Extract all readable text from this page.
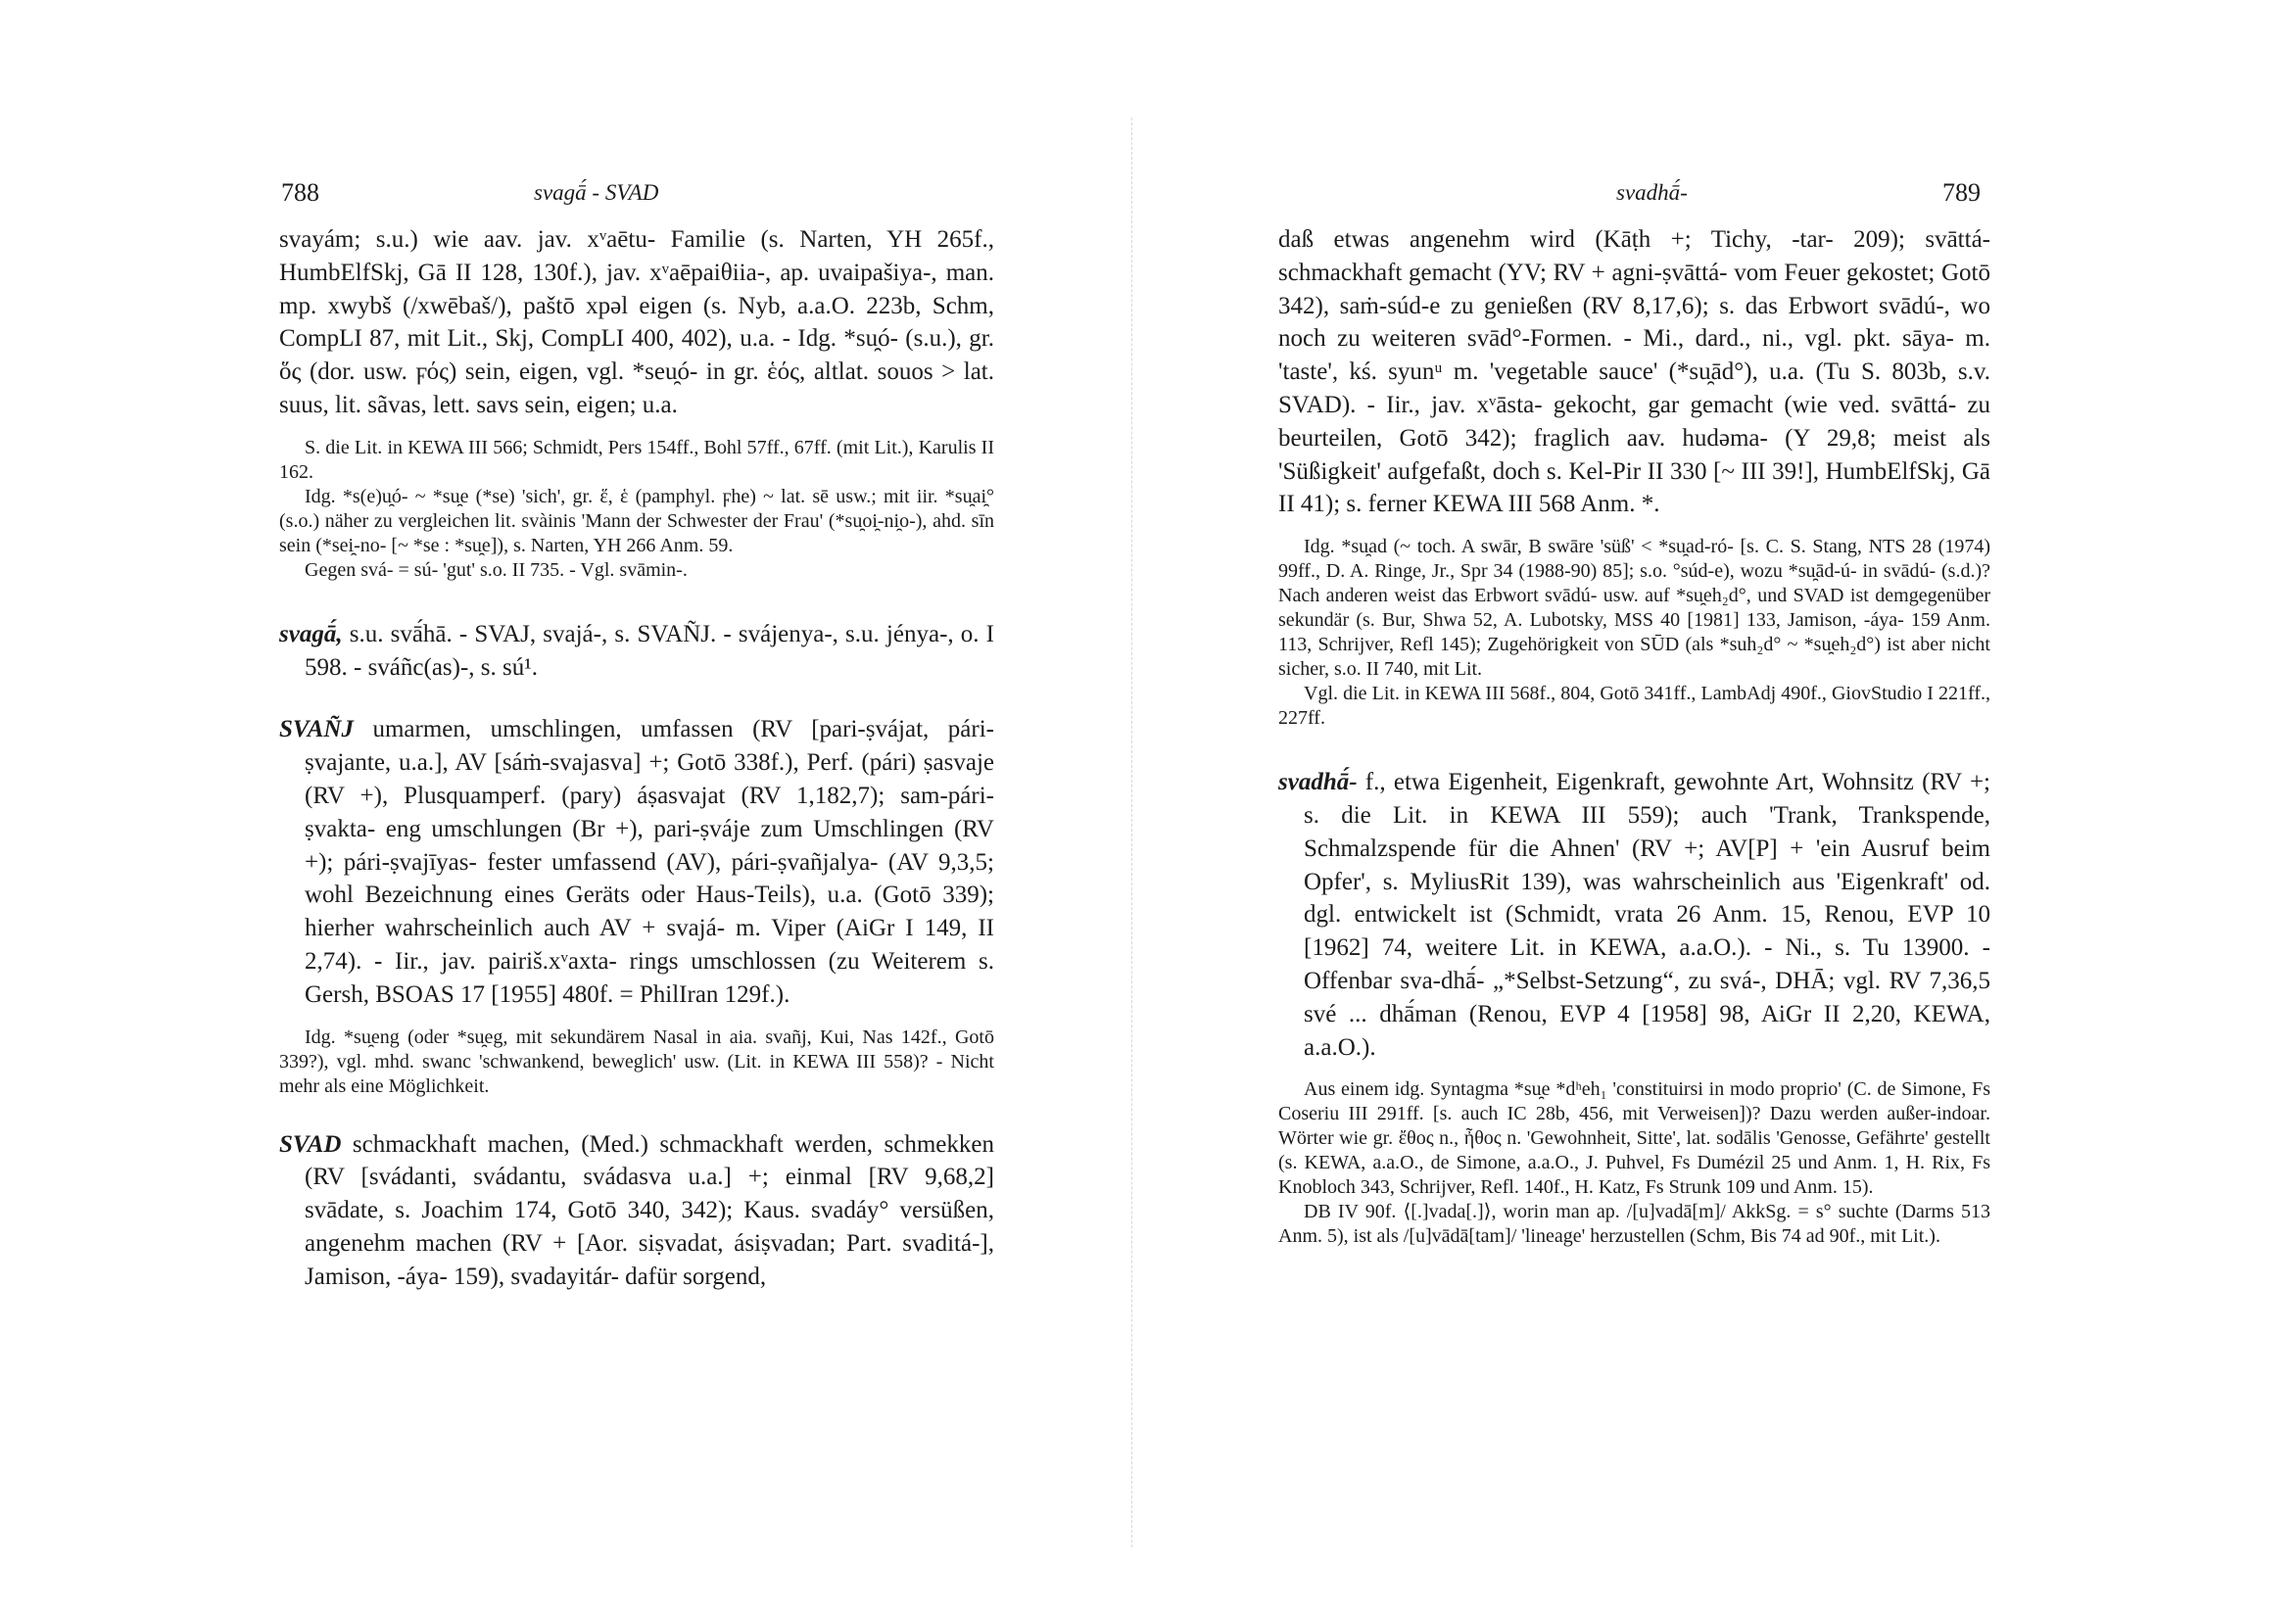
788	svagā́ - SVAD

svayám; s.u.) wie aav. jav. xᵛaētu- Familie (s. Narten, YH 265f., HumbElfSkj, Gā II 128, 130f.), jav. xᵛaēpaiθiia-, ap. uvaipašiya-, man. mp. xwybš (/xwēbaš/), paštō xpəl eigen (s. Nyb, a.a.O. 223b, Schm, CompLI 87, mit Lit., Skj, CompLI 400, 402), u.a. - Idg. *su̯ó- (s.u.), gr. ὅς (dor. usw. ϝός) sein, eigen, vgl. *seu̯ó- in gr. ἑός, altlat. souos > lat. suus, lit. sãvas, lett. savs sein, eigen; u.a.

S. die Lit. in KEWA III 566; Schmidt, Pers 154ff., Bohl 57ff., 67ff. (mit Lit.), Karulis II 162.

Idg. *s(e)u̯ó- ~ *su̯e (*se) 'sich', gr. ἕ, ἑ (pamphyl. ϝhe) ~ lat. sē usw.; mit iir. *su̯ai̯° (s.o.) näher zu vergleichen lit. svàinis 'Mann der Schwester der Frau' (*su̯oi̯-ni̯o-), ahd. sīn sein (*sei̯-no- [~ *se : *su̯e]), s. Narten, YH 266 Anm. 59.

Gegen svá- = sú- 'gut' s.o. II 735. - Vgl. svāmin-.

svagā́, s.u. svā́hā. - SVAJ, svajá-, s. SVAÑJ. - svájenya-, s.u. jénya-, o. I 598. - sváñc(as)-, s. sú¹.

SVAÑJ umarmen, umschlingen, umfassen (RV [pari-ṣvájat, pári-ṣvajante, u.a.], AV [sáṁ-svajasva] +; Gotō 338f.), Perf. (pári) ṣasvaje (RV +), Plusquamperf. (pary) áṣasvajat (RV 1,182,7); sam-pári-ṣvakta- eng umschlungen (Br +), pari-ṣváje zum Umschlingen (RV +); pári-ṣvajīyas- fester umfassend (AV), pári-ṣvañjalya- (AV 9,3,5; wohl Bezeichnung eines Geräts oder Haus-Teils), u.a. (Gotō 339); hierher wahrscheinlich auch AV + svajá- m. Viper (AiGr I 149, II 2,74). - Iir., jav. pairiš.xᵛaxta- rings umschlossen (zu Weiterem s. Gersh, BSOAS 17 [1955] 480f. = PhilIran 129f.).

Idg. *su̯eng (oder *su̯eg, mit sekundärem Nasal in aia. svañj, Kui, Nas 142f., Gotō 339?), vgl. mhd. swanc 'schwankend, beweglich' usw. (Lit. in KEWA III 558)? - Nicht mehr als eine Möglichkeit.

SVAD schmackhaft machen, (Med.) schmackhaft werden, schmekken (RV [svádanti, svádantu, svádasva u.a.] +; einmal [RV 9,68,2] svādate, s. Joachim 174, Gotō 340, 342); Kaus. svadáy° versüßen, angenehm machen (RV + [Aor. siṣvadat, ásiṣvadan; Part. svaditá-], Jamison, -áya- 159), svadayitár- dafür sorgend,

svadhā́-	789

daß etwas angenehm wird (Kāṭh +; Tichy, -tar- 209); svāttá- schmackhaft gemacht (YV; RV + agni-ṣvāttá- vom Feuer gekostet; Gotō 342), saṁ-súd-e zu genießen (RV 8,17,6); s. das Erbwort svādú-, wo noch zu weiteren svād°-Formen. - Mi., dard., ni., vgl. pkt. sāya- m. 'taste', kś. syunᵘ m. 'vegetable sauce' (*su̯ād°), u.a. (Tu S. 803b, s.v. SVAD). - Iir., jav. xᵛāsta- gekocht, gar gemacht (wie ved. svāttá- zu beurteilen, Gotō 342); fraglich aav. hudəma- (Y 29,8; meist als 'Süßigkeit' aufgefaßt, doch s. Kel-Pir II 330 [~ III 39!], HumbElfSkj, Gā II 41); s. ferner KEWA III 568 Anm. *.

Idg. *su̯ad (~ toch. A swār, B swāre 'süß' < *su̯ad-ró- [s. C. S. Stang, NTS 28 (1974) 99ff., D. A. Ringe, Jr., Spr 34 (1988-90) 85]; s.o. °súd-e), wozu *su̯ād-ú- in svādú- (s.d.)? Nach anderen weist das Erbwort svādú- usw. auf *su̯eh₂d°, und SVAD ist demgegenüber sekundär (s. Bur, Shwa 52, A. Lubotsky, MSS 40 [1981] 133, Jamison, -áya- 159 Anm. 113, Schrijver, Refl 145); Zugehörigkeit von SŪD (als *suh₂d° ~ *su̯eh₂d°) ist aber nicht sicher, s.o. II 740, mit Lit.

Vgl. die Lit. in KEWA III 568f., 804, Gotō 341ff., LambAdj 490f., GiovStudio I 221ff., 227ff.

svadhā́- f., etwa Eigenheit, Eigenkraft, gewohnte Art, Wohnsitz (RV +; s. die Lit. in KEWA III 559); auch 'Trank, Trankspende, Schmalzspende für die Ahnen' (RV +; AV[P] + 'ein Ausruf beim Opfer', s. MyliusRit 139), was wahrscheinlich aus 'Eigenkraft' od. dgl. entwickelt ist (Schmidt, vrata 26 Anm. 15, Renou, EVP 10 [1962] 74, weitere Lit. in KEWA, a.a.O.). - Ni., s. Tu 13900. - Offenbar sva-dhā́- „*Selbst-Setzung“, zu svá-, DHĀ; vgl. RV 7,36,5 své ... dhā́man (Renou, EVP 4 [1958] 98, AiGr II 2,20, KEWA, a.a.O.).

Aus einem idg. Syntagma *su̯e *dʰeh₁ 'constituirsi in modo proprio' (C. de Simone, Fs Coseriu III 291ff. [s. auch IC 28b, 456, mit Verweisen])? Dazu werden außer-indoar. Wörter wie gr. ἔθος n., ἦθος n. 'Gewohnheit, Sitte', lat. sodālis 'Genosse, Gefährte' gestellt (s. KEWA, a.a.O., de Simone, a.a.O., J. Puhvel, Fs Dumézil 25 und Anm. 1, H. Rix, Fs Knobloch 343, Schrijver, Refl. 140f., H. Katz, Fs Strunk 109 und Anm. 15).

DB IV 90f. ⟨[.]vada[.]⟩, worin man ap. /[u]vadā[m]/ AkkSg. = s° suchte (Darms 513 Anm. 5), ist als /[u]vādā[tam]/ 'lineage' herzustellen (Schm, Bis 74 ad 90f., mit Lit.).
